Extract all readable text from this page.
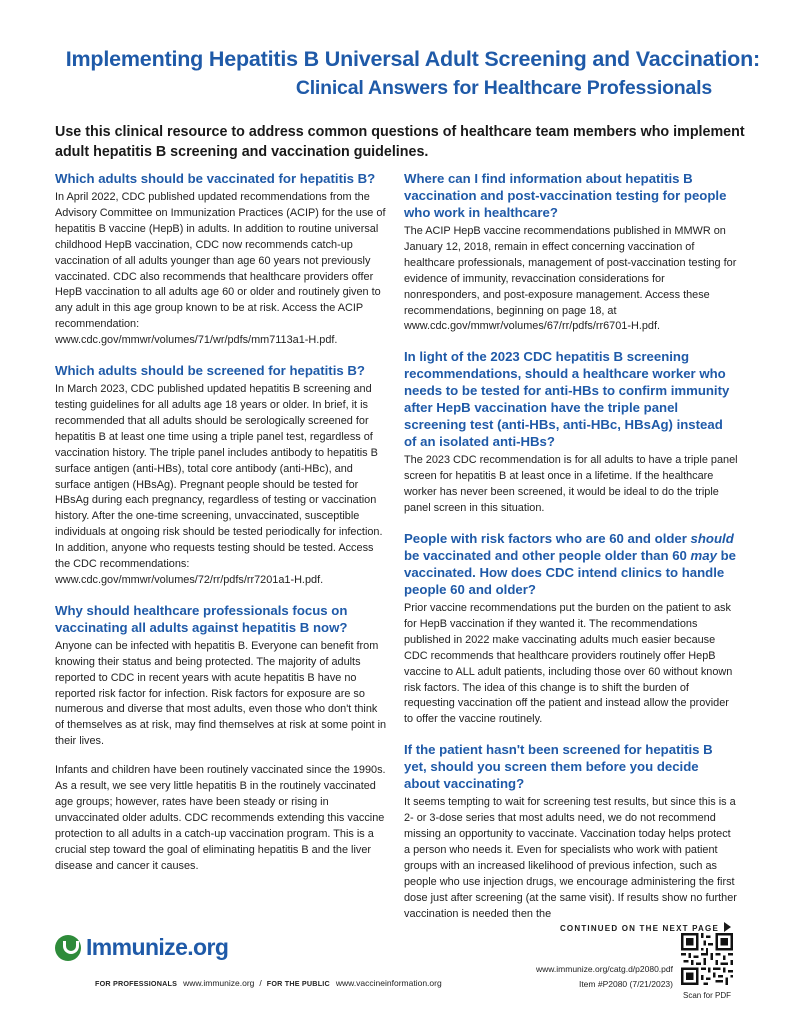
Implementing Hepatitis B Universal Adult Screening and Vaccination:
Clinical Answers for Healthcare Professionals
Use this clinical resource to address common questions of healthcare team members who implement adult hepatitis B screening and vaccination guidelines.
Which adults should be vaccinated for hepatitis B?
In April 2022, CDC published updated recommendations from the Advisory Committee on Immunization Practices (ACIP) for the use of hepatitis B vaccine (HepB) in adults. In addition to routine universal childhood HepB vaccination, CDC now recommends catch-up vaccination of all adults younger than age 60 years not previously vaccinated. CDC also recommends that healthcare providers offer HepB vaccination to all adults age 60 or older and routinely given to any adult in this age group known to be at risk. Access the ACIP recommendation: www.cdc.gov/mmwr/volumes/71/wr/pdfs/mm7113a1-H.pdf.
Which adults should be screened for hepatitis B?
In March 2023, CDC published updated hepatitis B screening and testing guidelines for all adults age 18 years or older. In brief, it is recommended that all adults should be serologically screened for hepatitis B at least one time using a triple panel test, regardless of vaccination history. The triple panel includes antibody to hepatitis B surface antigen (anti-HBs), total core antibody (anti-HBc), and surface antigen (HBsAg). Pregnant people should be tested for HBsAg during each pregnancy, regardless of testing or vaccination history. After the one-time screening, unvaccinated, susceptible individuals at ongoing risk should be tested periodically for infection. In addition, anyone who requests testing should be tested. Access the CDC recommendations: www.cdc.gov/mmwr/volumes/72/rr/pdfs/rr7201a1-H.pdf.
Why should healthcare professionals focus on vaccinating all adults against hepatitis B now?
Anyone can be infected with hepatitis B. Everyone can benefit from knowing their status and being protected. The majority of adults reported to CDC in recent years with acute hepatitis B have no reported risk factor for infection. Risk factors for exposure are so numerous and diverse that most adults, even those who don't think of themselves as at risk, may find themselves at risk at some point in their lives.
Infants and children have been routinely vaccinated since the 1990s. As a result, we see very little hepatitis B in the routinely vaccinated age groups; however, rates have been steady or rising in unvaccinated older adults. CDC recommends extending this vaccine protection to all adults in a catch-up vaccination program. This is a crucial step toward the goal of eliminating hepatitis B and the liver disease and cancer it causes.
Where can I find information about hepatitis B vaccination and post-vaccination testing for people who work in healthcare?
The ACIP HepB vaccine recommendations published in MMWR on January 12, 2018, remain in effect concerning vaccination of healthcare professionals, management of post-vaccination testing for evidence of immunity, revaccination considerations for nonresponders, and post-exposure management. Access these recommendations, beginning on page 18, at www.cdc.gov/mmwr/volumes/67/rr/pdfs/rr6701-H.pdf.
In light of the 2023 CDC hepatitis B screening recommendations, should a healthcare worker who needs to be tested for anti-HBs to confirm immunity after HepB vaccination have the triple panel screening test (anti-HBs, anti-HBc, HBsAg) instead of an isolated anti-HBs?
The 2023 CDC recommendation is for all adults to have a triple panel screen for hepatitis B at least once in a lifetime. If the healthcare worker has never been screened, it would be ideal to do the triple panel screen in this situation.
People with risk factors who are 60 and older should be vaccinated and other people older than 60 may be vaccinated. How does CDC intend clinics to handle people 60 and older?
Prior vaccine recommendations put the burden on the patient to ask for HepB vaccination if they wanted it. The recommendations published in 2022 make vaccinating adults much easier because CDC recommends that healthcare providers routinely offer HepB vaccine to ALL adult patients, including those over 60 without known risk factors. The idea of this change is to shift the burden of requesting vaccination off the patient and instead allow the provider to offer the vaccine routinely.
If the patient hasn't been screened for hepatitis B yet, should you screen them before you decide about vaccinating?
It seems tempting to wait for screening test results, but since this is a 2- or 3-dose series that most adults need, we do not recommend missing an opportunity to vaccinate. Vaccination today helps protect a person who needs it. Even for specialists who work with patient groups with an increased likelihood of previous infection, such as people who use injection drugs, we encourage administering the first dose just after screening (at the same visit). If results show no further vaccination is needed then the
CONTINUED ON THE NEXT PAGE
Immunize.org
FOR PROFESSIONALS www.immunize.org / FOR THE PUBLIC www.vaccineinformation.org
www.immunize.org/catg.d/p2080.pdf
Item #P2080 (7/21/2023)
Scan for PDF
